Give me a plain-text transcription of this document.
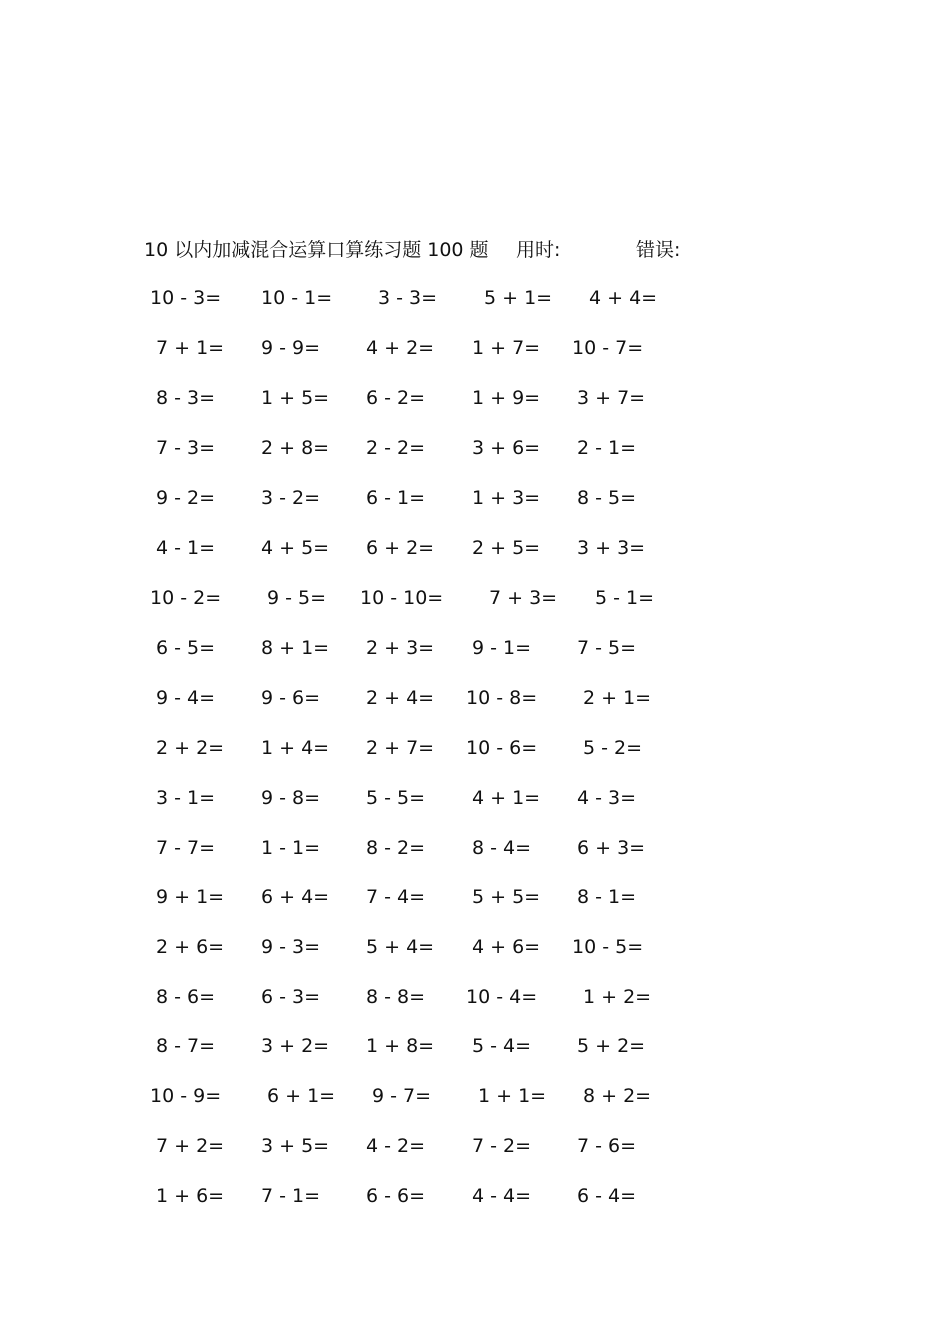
10 以内加减混合运算口算练习题 100 题 用时:	错误:
10 - 3= 10 - 1= 3 - 3= 5 + 1= 4 + 4=
7 + 1= 9 - 9= 4 + 2= 1 + 7= 10 - 7=
8 - 3= 1 + 5= 6 - 2= 1 + 9= 3 + 7=
7 - 3= 2 + 8= 2 - 2= 3 + 6= 2 - 1=
9 - 2= 3 - 2= 6 - 1= 1 + 3= 8 - 5=
4 - 1= 4 + 5= 6 + 2= 2 + 5= 3 + 3=
10 - 2= 9 - 5= 10 - 10= 7 + 3= 5 - 1=
6 - 5= 8 + 1= 2 + 3= 9 - 1= 7 - 5=
9 - 4= 9 - 6= 2 + 4= 10 - 8= 2 + 1=
2 + 2= 1 + 4= 2 + 7= 10 - 6= 5 - 2=
3 - 1= 9 - 8= 5 - 5= 4 + 1= 4 - 3=
7 - 7= 1 - 1= 8 - 2= 8 - 4= 6 + 3=
9 + 1= 6 + 4= 7 - 4= 5 + 5= 8 - 1=
2 + 6= 9 - 3= 5 + 4= 4 + 6= 10 - 5=
8 - 6= 6 - 3= 8 - 8= 10 - 4= 1 + 2=
8 - 7= 3 + 2= 1 + 8= 5 - 4= 5 + 2=
10 - 9= 6 + 1= 9 - 7= 1 + 1= 8 + 2=
7 + 2= 3 + 5= 4 - 2= 7 - 2= 7 - 6=
1 + 6= 7 - 1= 6 - 6= 4 - 4= 6 - 4=
